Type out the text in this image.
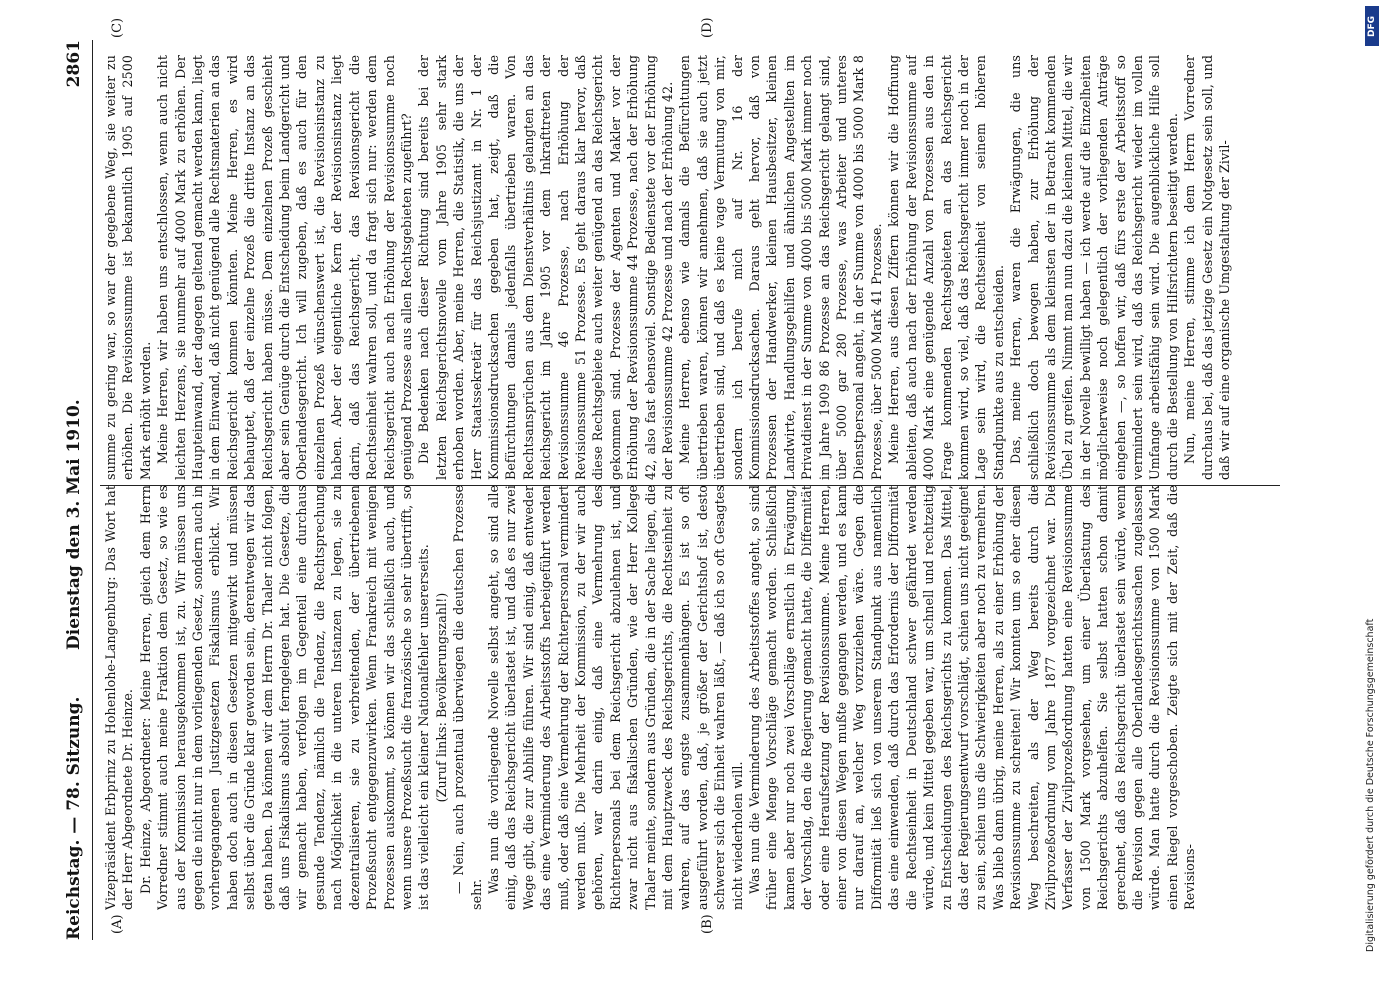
Reichstag. — 78. Sitzung.
Dienstag den 3. Mai 1910.
2861
(A)	(B)
(C)	(D)

Vizepräsident Erbprinz zu Hohenlohe-Langenburg: Das Wort hat der Herr Abgeordnete Dr. Heinze. Dr. Heinze, Abgeordneter: Meine Herren, gleich dem Herrn Vorredner stimmt auch meine Fraktion dem Gesetz, so wie es aus der Kommission herausgekommen ist, zu. Wir müssen uns gegen die nicht nur in dem vorliegenden Gesetz, sondern auch in vorhergegangenen Justizgesetzen Fiskalismus erblickt. Wir haben doch auch in diesen Gesetzen mitgewirkt und müssen selbst über die Gründe klar geworden sein, derentwegen wir das getan haben. Da können wir dem Herrn Dr. Thaler nicht folgen, daß uns Fiskalismus absolut ferngelegen hat. Die Gesetze, die wir gemacht haben, verfolgen im Gegenteil eine durchaus gesunde Tendenz, nämlich die Tendenz, die Rechtsprechung nach Möglichkeit in die unteren Instanzen zu legen, sie zu dezentralisieren, sie zu verbreitenden, der übertriebenen Prozeßsucht entgegenzuwirken. Wenn Frankreich mit wenigen Prozessen auskommt, so können wir das schließlich auch, und wenn unsere Prozeßsucht die französische so sehr übertrifft, so ist das vielleicht ein kleiner Nationalfehler unsererseits. (Zuruf links: Bevölkerungszahl!) — Nein, auch prozentual überwiegen die deutschen Prozesse sehr.

Was nun die vorliegende Novelle selbst angeht, so sind alle einig, daß das Reichsgericht überlastet ist, und daß es nur zwei Wege gibt, die zur Abhilfe führen. Wir sind einig, daß entweder das eine Verminderung des Arbeitsstoffs herbeigeführt werden muß, oder daß eine Vermehrung der Richterpersonal vermindert werden muß. Die Mehrheit der Kommission, zu der wir auch gehören, war darin einig, daß eine Vermehrung des Richterpersonals bei dem Reichsgericht abzulehnen ist, und zwar nicht aus fiskalischen Gründen, wie der Herr Kollege Thaler meinte, sondern aus Gründen, die in der Sache liegen, die mit dem Hauptzweck des Reichsgerichts, die Rechtseinheit zu wahren, auf das engste zusammenhängen. Es ist so oft ausgeführt worden, daß, je größer der Gerichtshof ist, desto schwerer sich die Einheit wahren läßt, — daß ich so oft Gesagtes nicht wiederholen will. Was nun die Verminderung des Arbeitsstoffes angeht, so sind früher eine Menge Vorschläge gemacht worden. Schließlich kamen aber nur noch zwei Vorschläge ernstlich in Erwägung, der Vorschlag, den die Regierung gemacht hatte, die Differmität oder eine Heraufsetzung der Revisionssumme. Meine Herren, einer von diesen Wegen mußte gegangen werden, und es kann nur darauf an, welcher Weg vorzuziehen wäre. Gegen die Difformität ließ sich von unserem Standpunkt aus namentlich das eine einwenden, daß durch das Erfordernis der Difformität die Rechtseinheit in Deutschland schwer gefährdet werden würde, und kein Mittel gegeben war, um schnell und rechtzeitig zu Entscheidungen des Reichsgerichts zu kommen. Das Mittel, das der Regierungsentwurf vorschlägt, schien uns nicht geeignet zu sein, schien uns die Schwierigkeiten aber noch zu vermehren. Was blieb dann übrig, meine Herren, als zu einer Erhöhung der Revisionssumme zu schreiten! Wir konnten um so eher diesen Weg beschreiten, als der Weg bereits durch die Zivilprozeßordnung vom Jahre 1877 vorgezeichnet war. Die Verfasser der Zivilprozeßordnung hatten eine Revisionssumme von 1500 Mark vorgesehen, um einer Überlastung des Reichsgerichts abzuhelfen. Sie selbst hatten schon damit gerechnet, daß das Reichsgericht überlastet sein würde, wenn die Revision gegen alle Oberlandesgerichtssachen zugelassen würde. Man hatte durch die Revisionssumme von 1500 Mark einen Riegel vorgeschoben. Zeigte sich mit der Zeit, daß die Revisions-

summe zu gering war, so war der gegebene Weg, sie weiter zu erhöhen. Die Revisionssumme ist bekanntlich 1905 auf 2500 Mark erhöht worden. Meine Herren, wir haben uns entschlossen, wenn auch nicht leichten Herzens, sie nunmehr auf 4000 Mark zu erhöhen. Der Haupteinwand, der dagegen geltend gemacht werden kann, liegt in dem Einwand, daß nicht genügend alle Rechtsmaterien an das Reichsgericht kommen könnten. Meine Herren, es wird behauptet, daß der einzelne Prozeß die dritte Instanz an das Reichsgericht haben müsse. Dem einzelnen Prozeß geschieht aber sein Genüge durch die Entscheidung beim Landgericht und Oberlandesgericht. Ich will zugeben, daß es auch für den einzelnen Prozeß wünschenswert ist, die Revisionsinstanz zu haben. Aber der eigentliche Kern der Revisionsinstanz liegt darin, daß das Reichsgericht, das Revisionsgericht die Rechtseinheit wahren soll, und da fragt sich nur: werden dem Reichsgericht auch nach Erhöhung der Revisionssumme noch genügend Prozesse aus allen Rechtsgebieten zugeführt? Die Bedenken nach dieser Richtung sind bereits bei der letzten Reichsgerichtsnovelle vom Jahre 1905 sehr stark erhoben worden. Aber, meine Herren, die Statistik, die uns der Herr Staatssekretär für das Reichsjustizamt in Nr. 1 der Kommissionsdrucksachen gegeben hat, zeigt, daß die Befürchtungen damals jedenfalls übertrieben waren. Von Rechtsansprüchen aus dem Dienstverhältnis gelangten an das Reichsgericht im Jahre 1905 vor dem Inkrafttreten der Revisionssumme 46 Prozesse, nach Erhöhung der Revisionssumme 51 Prozesse. Es geht daraus klar hervor, daß diese Rechtsgebiete auch weiter genügend an das Reichsgericht gekommen sind. Prozesse der Agenten und Makler vor der Erhöhung der Revisionssumme 44 Prozesse, nach der Erhöhung 42, also fast ebensoviel. Sonstige Bedienstete vor der Erhöhung der Revisionssumme 42 Prozesse und nach der Erhöhung 42. Meine Herren, ebenso wie damals die Befürchtungen übertrieben waren, können wir annehmen, daß sie auch jetzt übertrieben sind, und daß es keine vage Vermutung von mir, sondern ich berufe mich auf Nr. 16 der Kommissionsdrucksachen. Daraus geht hervor, daß von Prozessen der Handwerker, kleinen Hausbesitzer, kleinen Landwirte, Handlungsgehilfen und ähnlichen Angestellten im Privatdienst in der Summe von 4000 bis 5000 Mark immer noch im Jahre 1909 86 Prozesse an das Reichsgericht gelangt sind, über 5000 gar 280 Prozesse, was Arbeiter und unteres Dienstpersonal angeht, in der Summe von 4000 bis 5000 Mark 8 Prozesse, über 5000 Mark 41 Prozesse. Meine Herren, aus diesen Ziffern können wir die Hoffnung ableiten, daß auch nach der Erhöhung der Revisionssumme auf 4000 Mark eine genügende Anzahl von Prozessen aus den in Frage kommenden Rechtsgebieten an das Reichsgericht kommen wird, so viel, daß das Reichsgericht immer noch in der Lage sein wird, die Rechtseinheit von seinem höheren Standpunkte aus zu entscheiden. Das, meine Herren, waren die Erwägungen, die uns schließlich doch bewogen haben, zur Erhöhung der Revisionssumme als dem kleinsten der in Betracht kommenden Übel zu greifen. Nimmt man nun dazu die kleinen Mittel, die wir in der Novelle bewilligt haben — ich werde auf die Einzelheiten möglicherweise noch gelegentlich der vorliegenden Anträge eingehen —, so hoffen wir, daß fürs erste der Arbeitsstoff so vermindert sein wird, daß das Reichsgericht wieder im vollen Umfange arbeitsfähig sein wird. Die augenblickliche Hilfe soll durch die Bestellung von Hilfsrichtern beseitigt werden. Nun, meine Herren, stimme ich dem Herrn Vorredner durchaus bei, daß das jetzige Gesetz ein Notgesetz sein soll, und daß wir auf eine organische Umgestaltung der Zivil-

DFG
Digitalisierung gefördert durch die Deutsche Forschungsgemeinschaft
